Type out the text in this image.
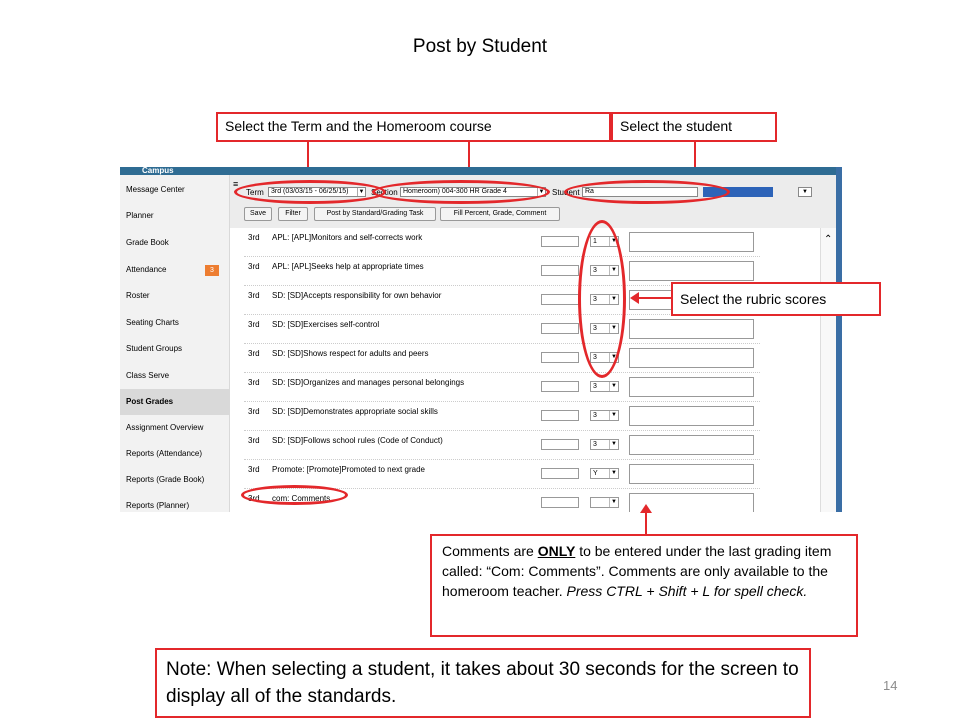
Post by Student
Select the Term and the Homeroom course	Select the student
Campus
Message Center
Planner
Grade Book
Attendance	3
Roster
Seating Charts
Student Groups
Class Serve
Post Grades
Assignment Overview
Reports (Attendance)
Reports (Grade Book)
Reports (Planner)
≡
Term	3rd (03/03/15 - 06/25/15) ▼ Section Homeroom) 004-300 HR Grade 4	▼ Student Ra	▼
Save	Filter	Post by Standard/Grading Task	Fill Percent, Grade, Comment
3rd APL: [APL]Monitors and self-corrects work	1	▼
3rd APL: [APL]Seeks help at appropriate times	3	▼
3rd SD: [SD]Accepts responsibility for own behavior	3	▼
3rd SD: [SD]Exercises self-control	3	▼
3rd SD: [SD]Shows respect for adults and peers	3	▼
3rd SD: [SD]Organizes and manages personal belongings	3	▼
3rd SD: [SD]Demonstrates appropriate social skills	3	▼
3rd SD: [SD]Follows school rules (Code of Conduct)	3	▼
3rd Promote: [Promote]Promoted to next grade	Y	▼
3rd com: Comments	▼
⌃
Select the rubric scores
Comments are ONLY to be entered under the last grading item called: “Com: Comments”. Comments are only available to the homeroom teacher. Press CTRL + Shift + L for spell check.
Note: When selecting a student, it takes about 30 seconds for the screen to display all of the standards.
14
